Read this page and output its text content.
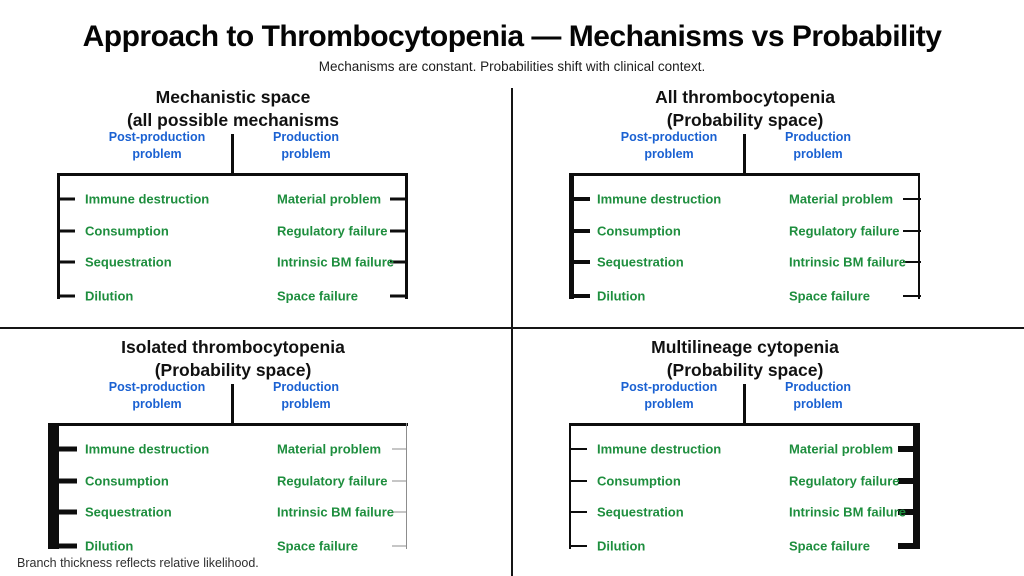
Approach to Thrombocytopenia — Mechanisms vs Probability
Mechanisms are constant. Probabilities shift with clinical context.
Mechanistic space
(all possible mechanisms
Post-production problem
Production problem
Immune destruction
Consumption
Sequestration
Dilution
Material problem
Regulatory failure
Intrinsic BM failure
Space failure
All thrombocytopenia
(Probability space)
Post-production problem
Production problem
Immune destruction
Consumption
Sequestration
Dilution
Material problem
Regulatory failure
Intrinsic BM failure
Space failure
Isolated thrombocytopenia
(Probability space)
Post-production problem
Production problem
Immune destruction
Consumption
Sequestration
Dilution
Material problem
Regulatory failure
Intrinsic BM failure
Space failure
Multilineage cytopenia
(Probability space)
Post-production problem
Production problem
Immune destruction
Consumption
Sequestration
Dilution
Material problem
Regulatory failure
Intrinsic BM failure
Space failure
Branch thickness reflects relative likelihood.
